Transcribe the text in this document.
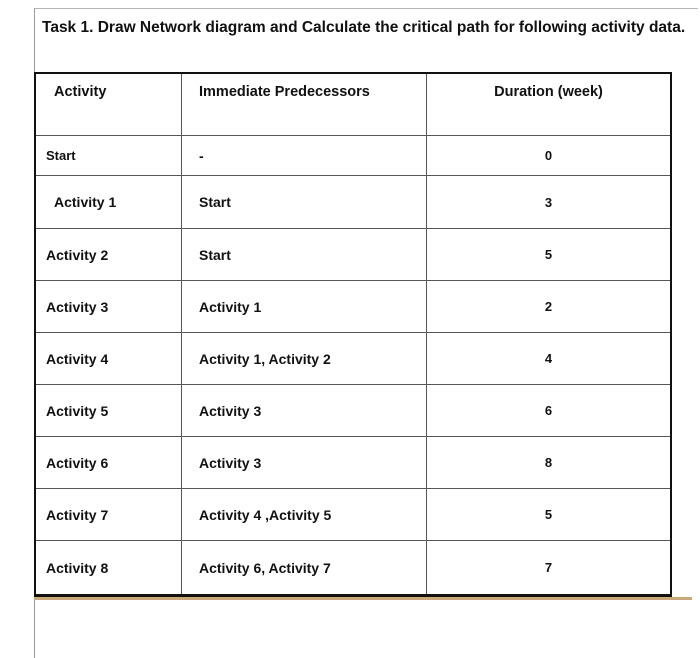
Task 1. Draw Network diagram and Calculate the critical path for following activity data.
Activity	Immediate Predecessors	Duration (week)
Start	-	0
Activity 1	Start	3
Activity 2	Start	5
Activity 3	Activity 1	2
Activity 4	Activity 1, Activity 2	4
Activity 5	Activity 3	6
Activity 6	Activity 3	8
Activity 7	Activity 4 ,Activity 5	5
Activity 8	Activity 6, Activity 7	7
